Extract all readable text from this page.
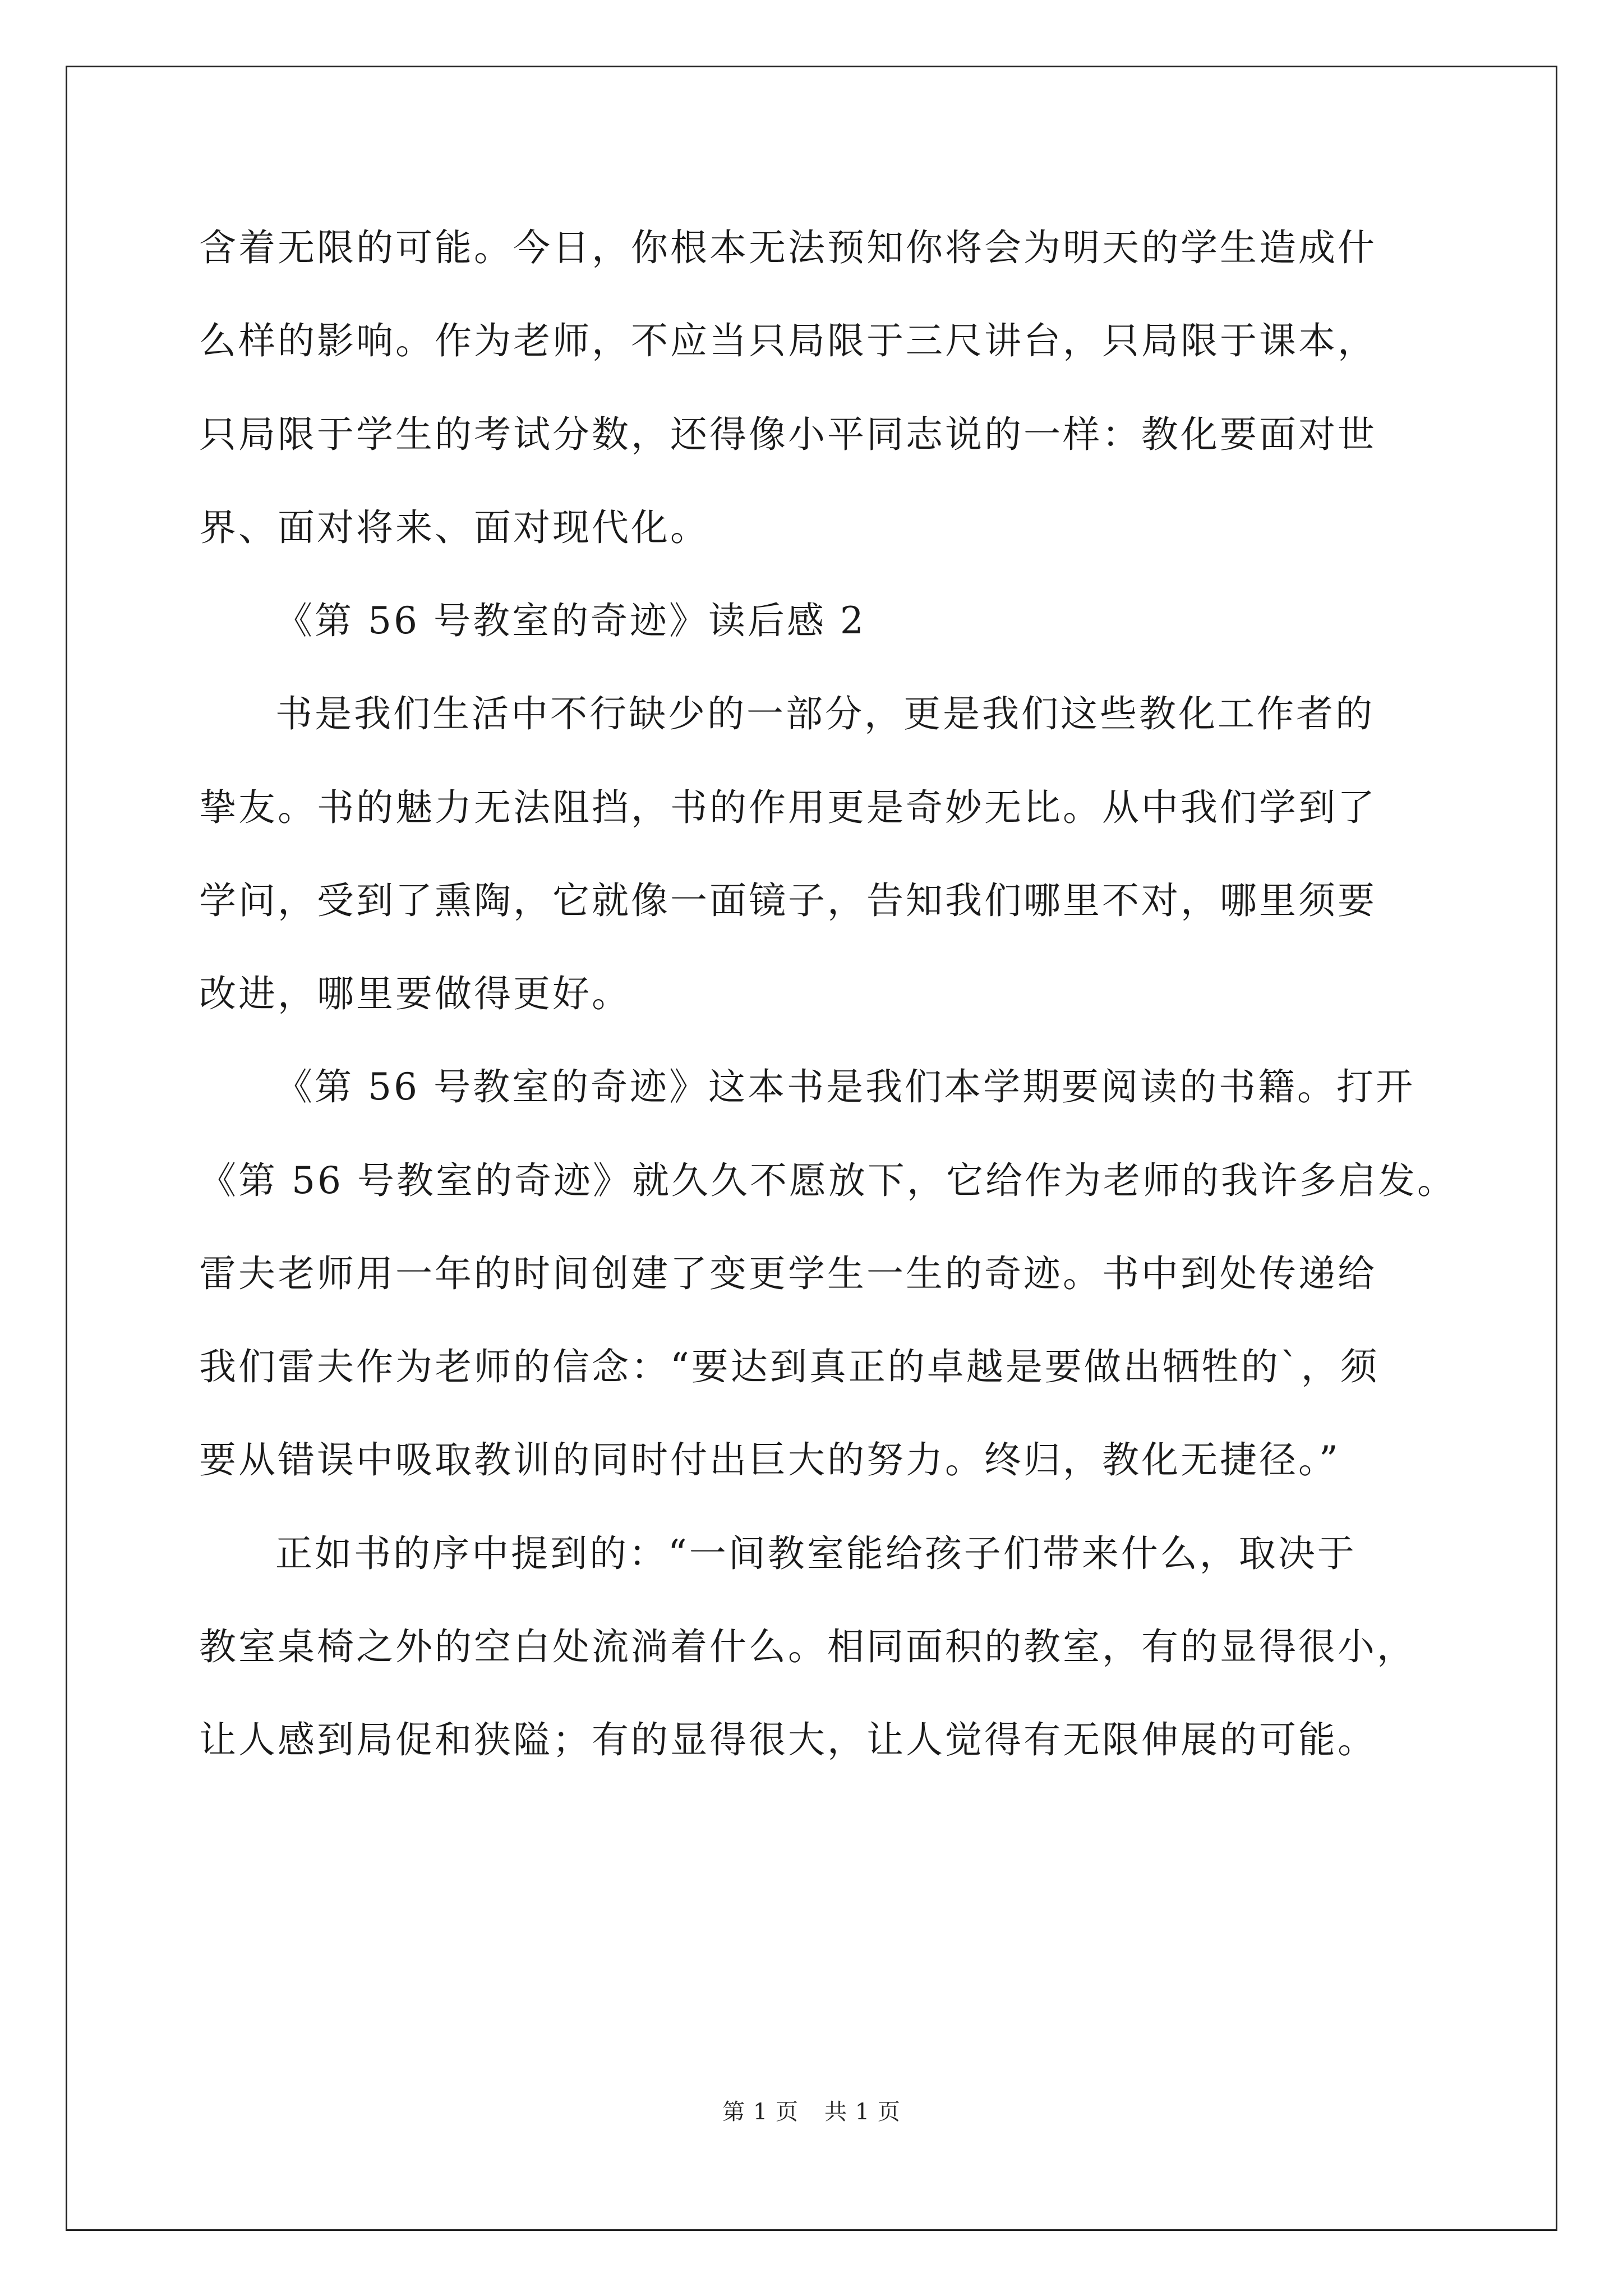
含着无限的可能。今日，你根本无法预知你将会为明天的学生造成什
么样的影响。作为老师，不应当只局限于三尺讲台，只局限于课本，
只局限于学生的考试分数，还得像小平同志说的一样：教化要面对世
界、面对将来、面对现代化。
《第 56 号教室的奇迹》读后感 2
书是我们生活中不行缺少的一部分，更是我们这些教化工作者的
挚友。书的魅力无法阻挡，书的作用更是奇妙无比。从中我们学到了
学问，受到了熏陶，它就像一面镜子，告知我们哪里不对，哪里须要
改进，哪里要做得更好。
《第 56 号教室的奇迹》这本书是我们本学期要阅读的书籍。打开
《第 56 号教室的奇迹》就久久不愿放下，它给作为老师的我许多启发。
雷夫老师用一年的时间创建了变更学生一生的奇迹。书中到处传递给
我们雷夫作为老师的信念：“要达到真正的卓越是要做出牺牲的`，须
要从错误中吸取教训的同时付出巨大的努力。终归，教化无捷径。”
正如书的序中提到的：“一间教室能给孩子们带来什么，取决于
教室桌椅之外的空白处流淌着什么。相同面积的教室，有的显得很小，
让人感到局促和狭隘；有的显得很大，让人觉得有无限伸展的可能。
第 1 页 共 1 页
